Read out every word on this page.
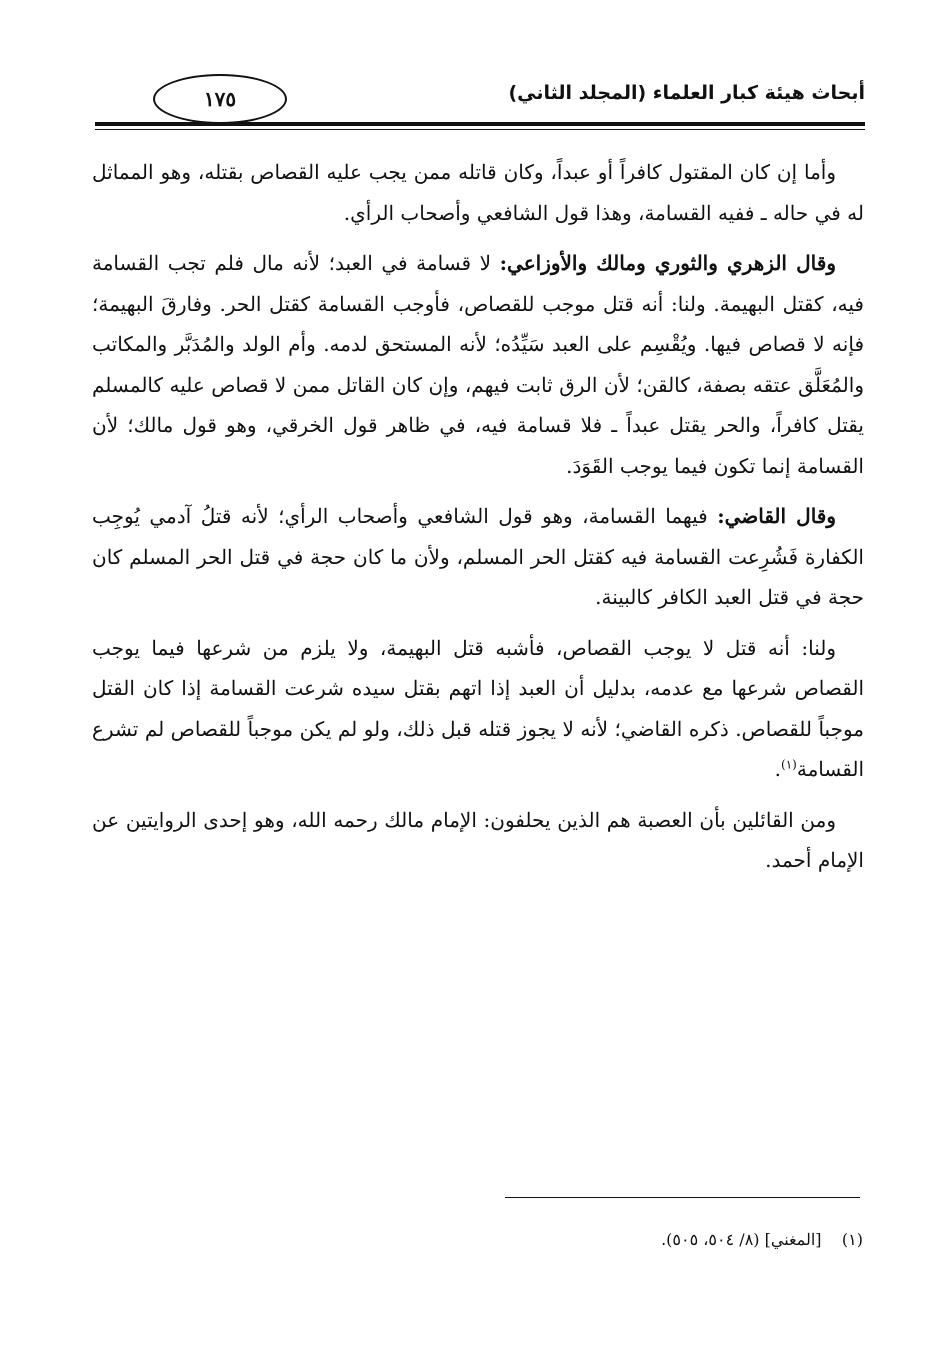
أبحاث هيئة كبار العلماء (المجلد الثاني)
١٧٥

وأما إن كان المقتول كافراً أو عبداً، وكان قاتله ممن يجب عليه القصاص بقتله، وهو المماثل له في حاله ـ ففيه القسامة، وهذا قول الشافعي وأصحاب الرأي.

وقال الزهري والثوري ومالك والأوزاعي: لا قسامة في العبد؛ لأنه مال فلم تجب القسامة فيه، كقتل البهيمة. ولنا: أنه قتل موجب للقصاص، فأوجب القسامة كقتل الحر. وفارقَ البهيمة؛ فإنه لا قصاص فيها. ويُقْسِم على العبد سَيِّدُه؛ لأنه المستحق لدمه. وأم الولد والمُدَبَّر والمكاتب والمُعَلَّق عتقه بصفة، كالقن؛ لأن الرق ثابت فيهم، وإن كان القاتل ممن لا قصاص عليه كالمسلم يقتل كافراً، والحر يقتل عبداً ـ فلا قسامة فيه، في ظاهر قول الخرقي، وهو قول مالك؛ لأن القسامة إنما تكون فيما يوجب القَوَدَ.

وقال القاضي: فيهما القسامة، وهو قول الشافعي وأصحاب الرأي؛ لأنه قتلُ آدمي يُوجِب الكفارة فَشُرِعت القسامة فيه كقتل الحر المسلم، ولأن ما كان حجة في قتل الحر المسلم كان حجة في قتل العبد الكافر كالبينة.

ولنا: أنه قتل لا يوجب القصاص، فأشبه قتل البهيمة، ولا يلزم من شرعها فيما يوجب القصاص شرعها مع عدمه، بدليل أن العبد إذا اتهم بقتل سيده شرعت القسامة إذا كان القتل موجباً للقصاص. ذكره القاضي؛ لأنه لا يجوز قتله قبل ذلك، ولو لم يكن موجباً للقصاص لم تشرع القسامة$^{(١)}$.

ومن القائلين بأن العصبة هم الذين يحلفون: الإمام مالك رحمه الله، وهو إحدى الروايتين عن الإمام أحمد.

(١)    [المغني] (٨/ ٥٠٤، ٥٠٥).
